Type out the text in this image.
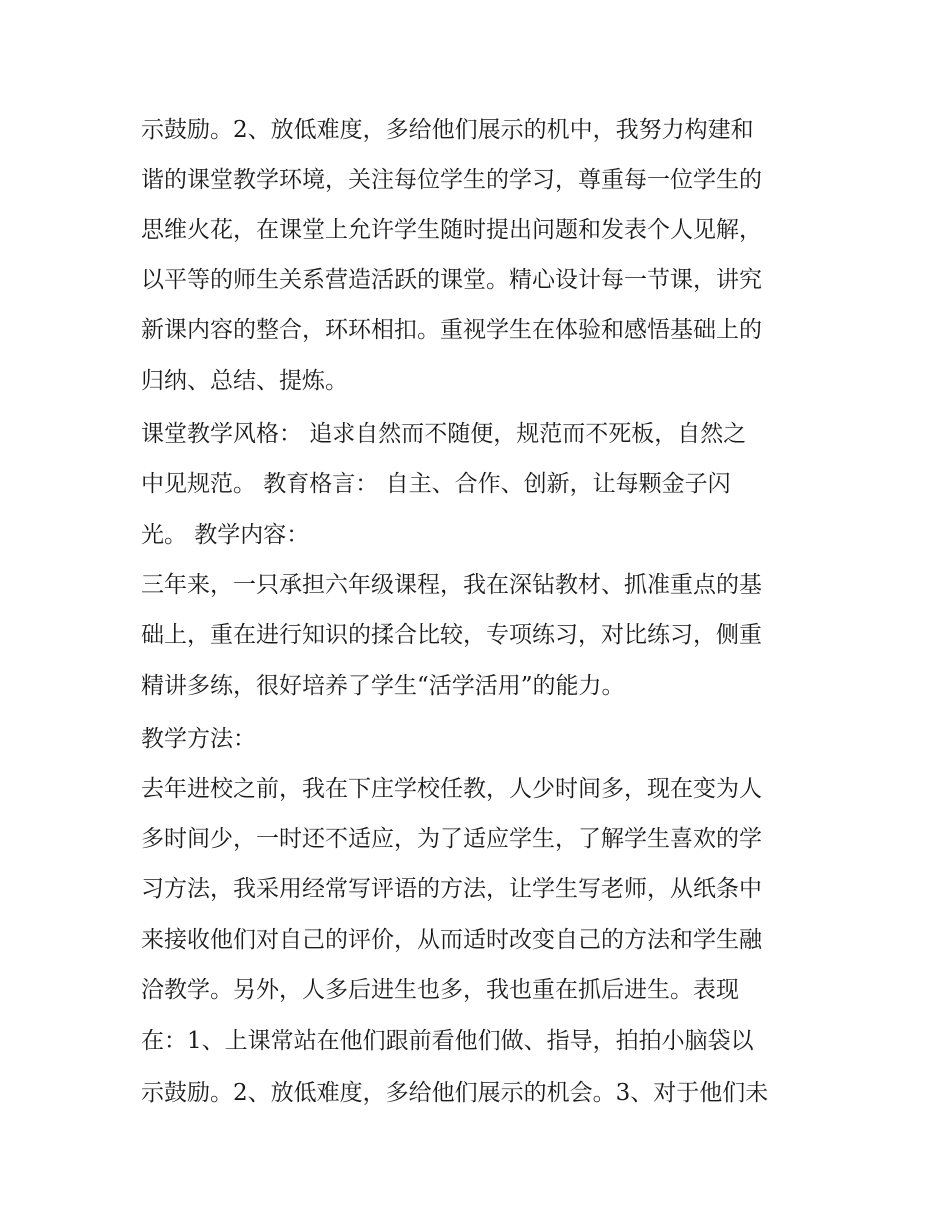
示鼓励。2、放低难度，多给他们展示的机中，我努力构建和
谐的课堂教学环境，关注每位学生的学习，尊重每一位学生的
思维火花，在课堂上允许学生随时提出问题和发表个人见解，
以平等的师生关系营造活跃的课堂。精心设计每一节课，讲究
新课内容的整合，环环相扣。重视学生在体验和感悟基础上的
归纳、总结、提炼。
课堂教学风格： 追求自然而不随便，规范而不死板，自然之
中见规范。 教育格言： 自主、合作、创新，让每颗金子闪
光。 教学内容：
三年来，一只承担六年级课程，我在深钻教材、抓准重点的基
础上，重在进行知识的揉合比较，专项练习，对比练习，侧重
精讲多练，很好培养了学生“活学活用”的能力。
教学方法：
去年进校之前，我在下庄学校任教，人少时间多，现在变为人
多时间少，一时还不适应，为了适应学生，了解学生喜欢的学
习方法，我采用经常写评语的方法，让学生写老师，从纸条中
来接收他们对自己的评价，从而适时改变自己的方法和学生融
洽教学。另外，人多后进生也多，我也重在抓后进生。表现
在：1、上课常站在他们跟前看他们做、指导，拍拍小脑袋以
示鼓励。2、放低难度，多给他们展示的机会。3、对于他们未
